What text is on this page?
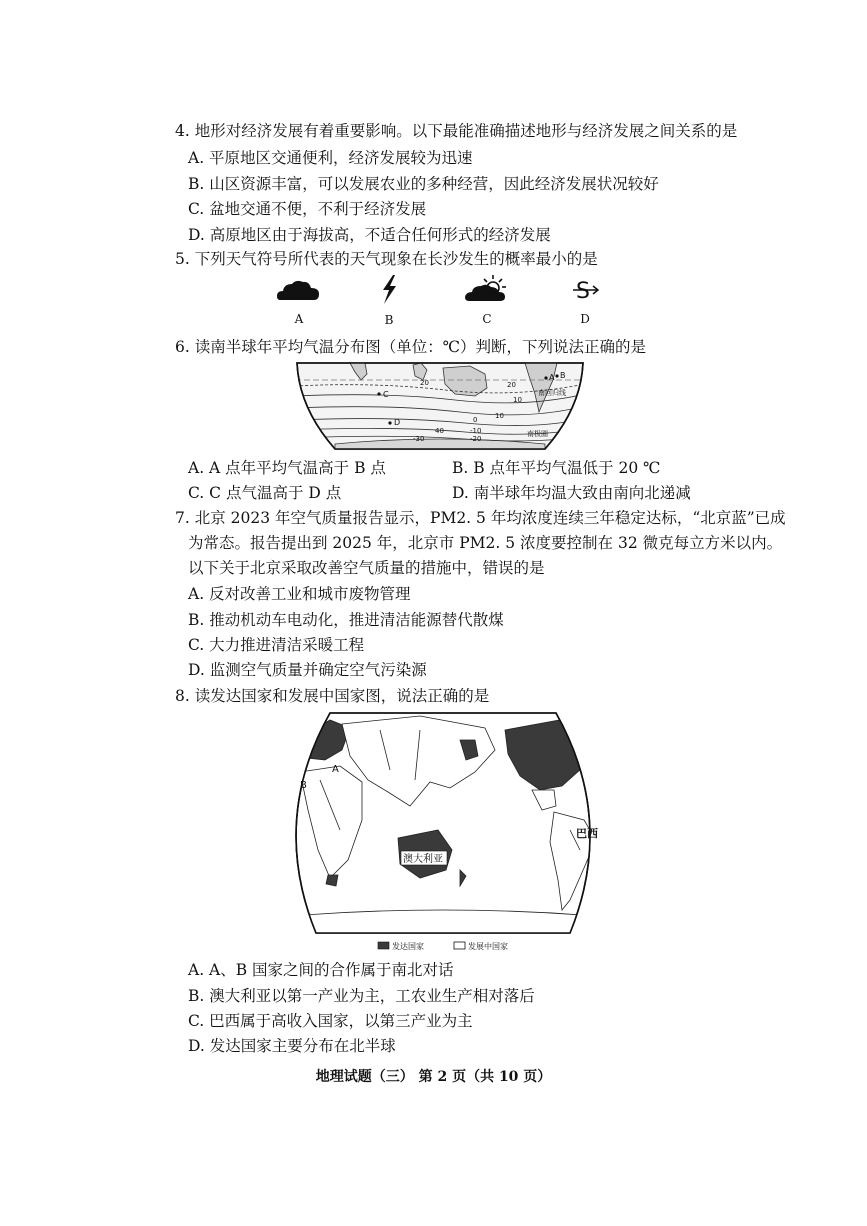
4. 地形对经济发展有着重要影响。以下最能准确描述地形与经济发展之间关系的是
A. 平原地区交通便利，经济发展较为迅速
B. 山区资源丰富，可以发展农业的多种经营，因此经济发展状况较好
C. 盆地交通不便，不利于经济发展
D. 高原地区由于海拔高，不适合任何形式的经济发展
5. 下列天气符号所代表的天气现象在长沙发生的概率最小的是
A	B	C
S
D
6. 读南半球年平均气温分布图（单位：℃）判断，下列说法正确的是
A B
C
D
20
20
10
10
0
-10
-20
-30
40
南回归线
南极圈
A. A 点年平均气温高于 B 点	B. B 点年平均气温低于 20 ℃
C. C 点气温高于 D 点	D. 南半球年均温大致由南向北递减
7. 北京 2023 年空气质量报告显示，PM2. 5 年均浓度连续三年稳定达标，“北京蓝”已成
为常态。报告提出到 2025 年，北京市 PM2. 5 浓度要控制在 32 微克每立方米以内。
以下关于北京采取改善空气质量的措施中，错误的是
A. 反对改善工业和城市废物管理
B. 推动机动车电动化，推进清洁能源替代散煤
C. 大力推进清洁采暖工程
D. 监测空气质量并确定空气污染源
8. 读发达国家和发展中国家图，说法正确的是
A
B
巴西
澳大利亚
发达国家	发展中国家
A. A、B 国家之间的合作属于南北对话
B. 澳大利亚以第一产业为主，工农业生产相对落后
C. 巴西属于高收入国家，以第三产业为主
D. 发达国家主要分布在北半球
地理试题（三） 第 2 页（共 10 页）
